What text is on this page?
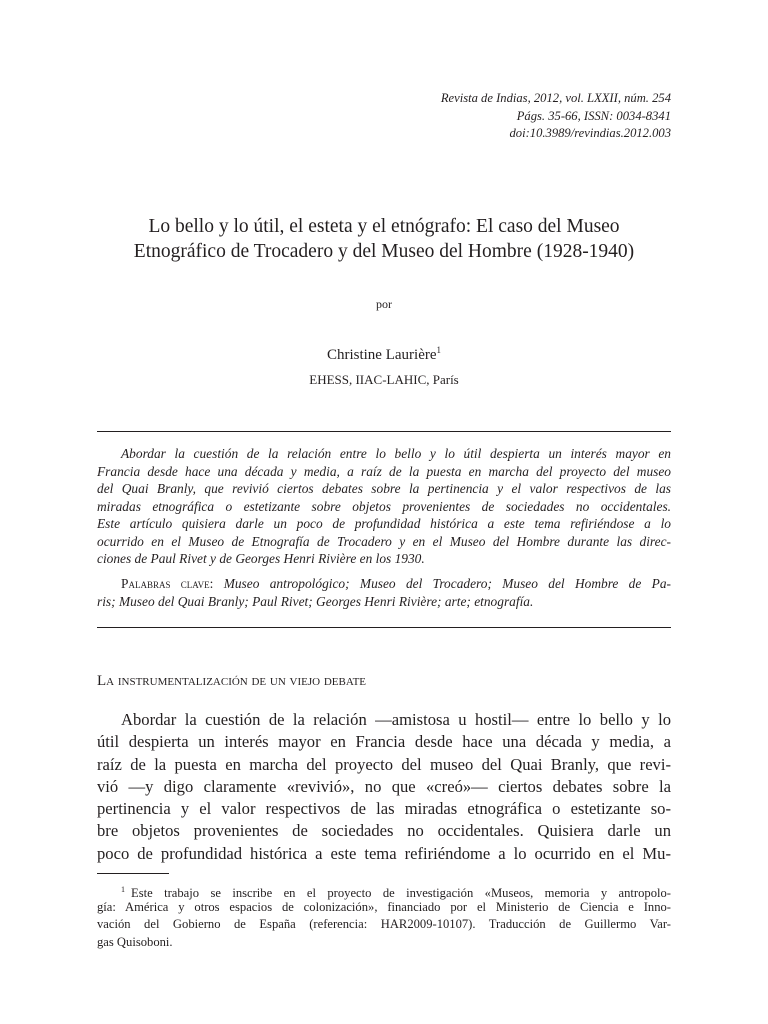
Revista de Indias, 2012, vol. LXXII, núm. 254
Págs. 35-66, ISSN: 0034-8341
doi:10.3989/revindias.2012.003
Lo bello y lo útil, el esteta y el etnógrafo: El caso del Museo
Etnográfico de Trocadero y del Museo del Hombre (1928-1940)
por
Christine Laurière$^1$
EHESS, IIAC-LAHIC, París
Abordar la cuestión de la relación entre lo bello y lo útil despierta un interés mayor en
Francia desde hace una década y media, a raíz de la puesta en marcha del proyecto del museo
del Quai Branly, que revivió ciertos debates sobre la pertinencia y el valor respectivos de las
miradas etnográfica o estetizante sobre objetos provenientes de sociedades no occidentales.
Este artículo quisiera darle un poco de profundidad histórica a este tema refiriéndose a lo
ocurrido en el Museo de Etnografía de Trocadero y en el Museo del Hombre durante las direc-
ciones de Paul Rivet y de Georges Henri Rivière en los 1930.
Palabras clave: Museo antropológico; Museo del Trocadero; Museo del Hombre de Pa-
ris; Museo del Quai Branly; Paul Rivet; Georges Henri Rivière; arte; etnografía.
La instrumentalización de un viejo debate
Abordar la cuestión de la relación —amistosa u hostil— entre lo bello y lo
útil despierta un interés mayor en Francia desde hace una década y media, a
raíz de la puesta en marcha del proyecto del museo del Quai Branly, que revi-
vió —y digo claramente «revivió», no que «creó»— ciertos debates sobre la
pertinencia y el valor respectivos de las miradas etnográfica o estetizante so-
bre objetos provenientes de sociedades no occidentales. Quisiera darle un
poco de profundidad histórica a este tema refiriéndome a lo ocurrido en el Mu-
$^1$ Este trabajo se inscribe en el proyecto de investigación «Museos, memoria y antropolo-
gía: América y otros espacios de colonización», financiado por el Ministerio de Ciencia e Inno-
vación del Gobierno de España (referencia: HAR2009-10107). Traducción de Guillermo Var-
gas Quisoboni.
